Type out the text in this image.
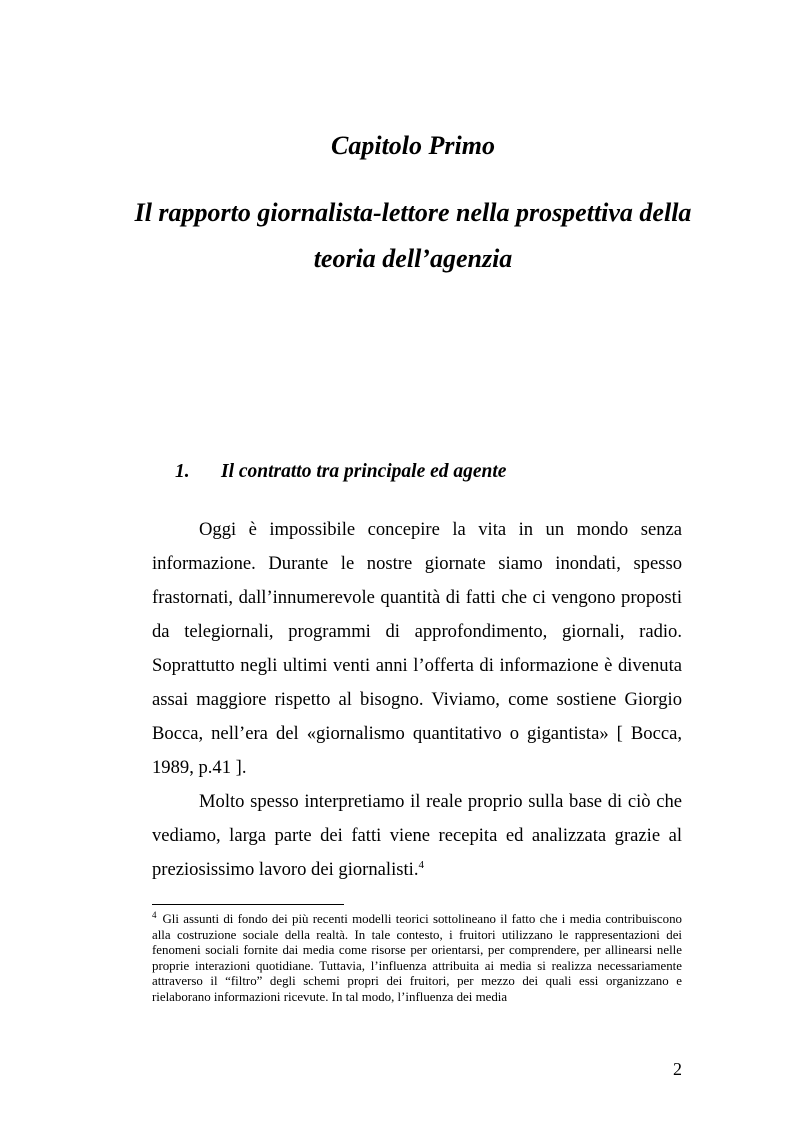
Capitolo Primo
Il rapporto giornalista-lettore nella prospettiva della teoria dell’agenzia
1. Il contratto tra principale ed agente

Oggi è impossibile concepire la vita in un mondo senza informazione. Durante le nostre giornate siamo inondati, spesso frastornati, dall’innumerevole quantità di fatti che ci vengono proposti da telegiornali, programmi di approfondimento, giornali, radio. Soprattutto negli ultimi venti anni l’offerta di informazione è divenuta assai maggiore rispetto al bisogno. Viviamo, come sostiene Giorgio Bocca, nell’era del «giornalismo quantitativo o gigantista» [ Bocca, 1989, p.41 ].

Molto spesso interpretiamo il reale proprio sulla base di ciò che vediamo, larga parte dei fatti viene recepita ed analizzata grazie al preziosissimo lavoro dei giornalisti.$^4$

$^4$ Gli assunti di fondo dei più recenti modelli teorici sottolineano il fatto che i media contribuiscono alla costruzione sociale della realtà. In tale contesto, i fruitori utilizzano le rappresentazioni dei fenomeni sociali fornite dai media come risorse per orientarsi, per comprendere, per allinearsi nelle proprie interazioni quotidiane. Tuttavia, l’influenza attribuita ai media si realizza necessariamente attraverso il “filtro” degli schemi propri dei fruitori, per mezzo dei quali essi organizzano e rielaborano informazioni ricevute. In tal modo, l’influenza dei media
2
